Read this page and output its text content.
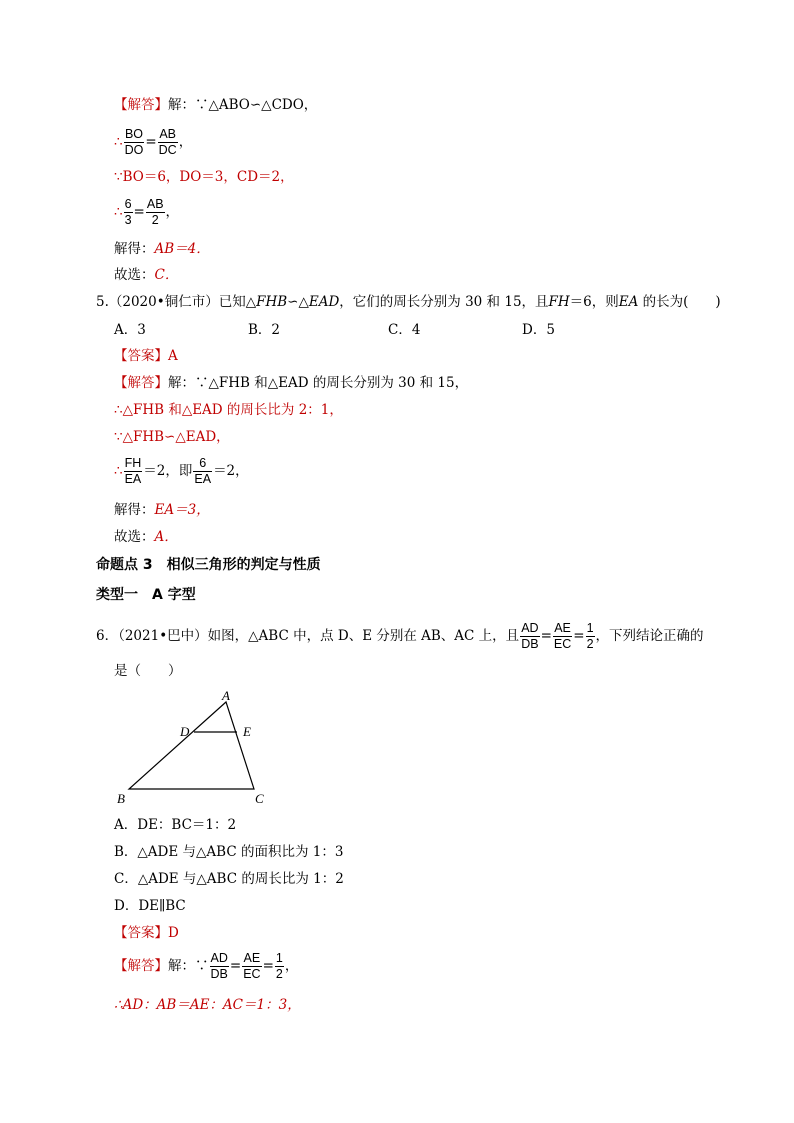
【解答】解：∵△ABO∽△CDO，
∴ $\frac{BO}{DO} = \frac{AB}{DC}$ ，
∵BO＝6，DO＝3，CD＝2，
∴ $\frac{6}{3} = \frac{AB}{2}$ ，
解得：AB＝4．
故选：C．
5.（2020•铜仁市）已知△FHB∽△EAD，它们的周长分别为 30 和 15，且FH＝6，则EA 的长为(　　)
A．3	B．2	C．4	D．5
【答案】A
【解答】解：∵△FHB 和△EAD 的周长分别为 30 和 15，
∴△FHB 和△EAD 的周长比为 2：1，
∵△FHB∽△EAD，
∴ $\frac{FH}{EA} =2$，即 $\frac{6}{EA} =2$，
解得：EA＝3，
故选：A．
命题点 3　相似三角形的判定与性质
类型一　A 字型
6．（2021•巴中）如图，△ABC 中，点 D、E 分别在 AB、AC 上，且 $\frac{AD}{DB} = \frac{AE}{EC} = \frac{1}{2}$ ，下列结论正确的
是（　　）
A
D	E
B	C
A．DE：BC＝1：2
B．△ADE 与△ABC 的面积比为 1：3
C．△ADE 与△ABC 的周长比为 1：2
D．DE∥BC
【答案】D
【解答】解：∵ $\frac{AD}{DB} = \frac{AE}{EC} = \frac{1}{2}$ ，
∴AD：AB＝AE：AC＝1：3，
